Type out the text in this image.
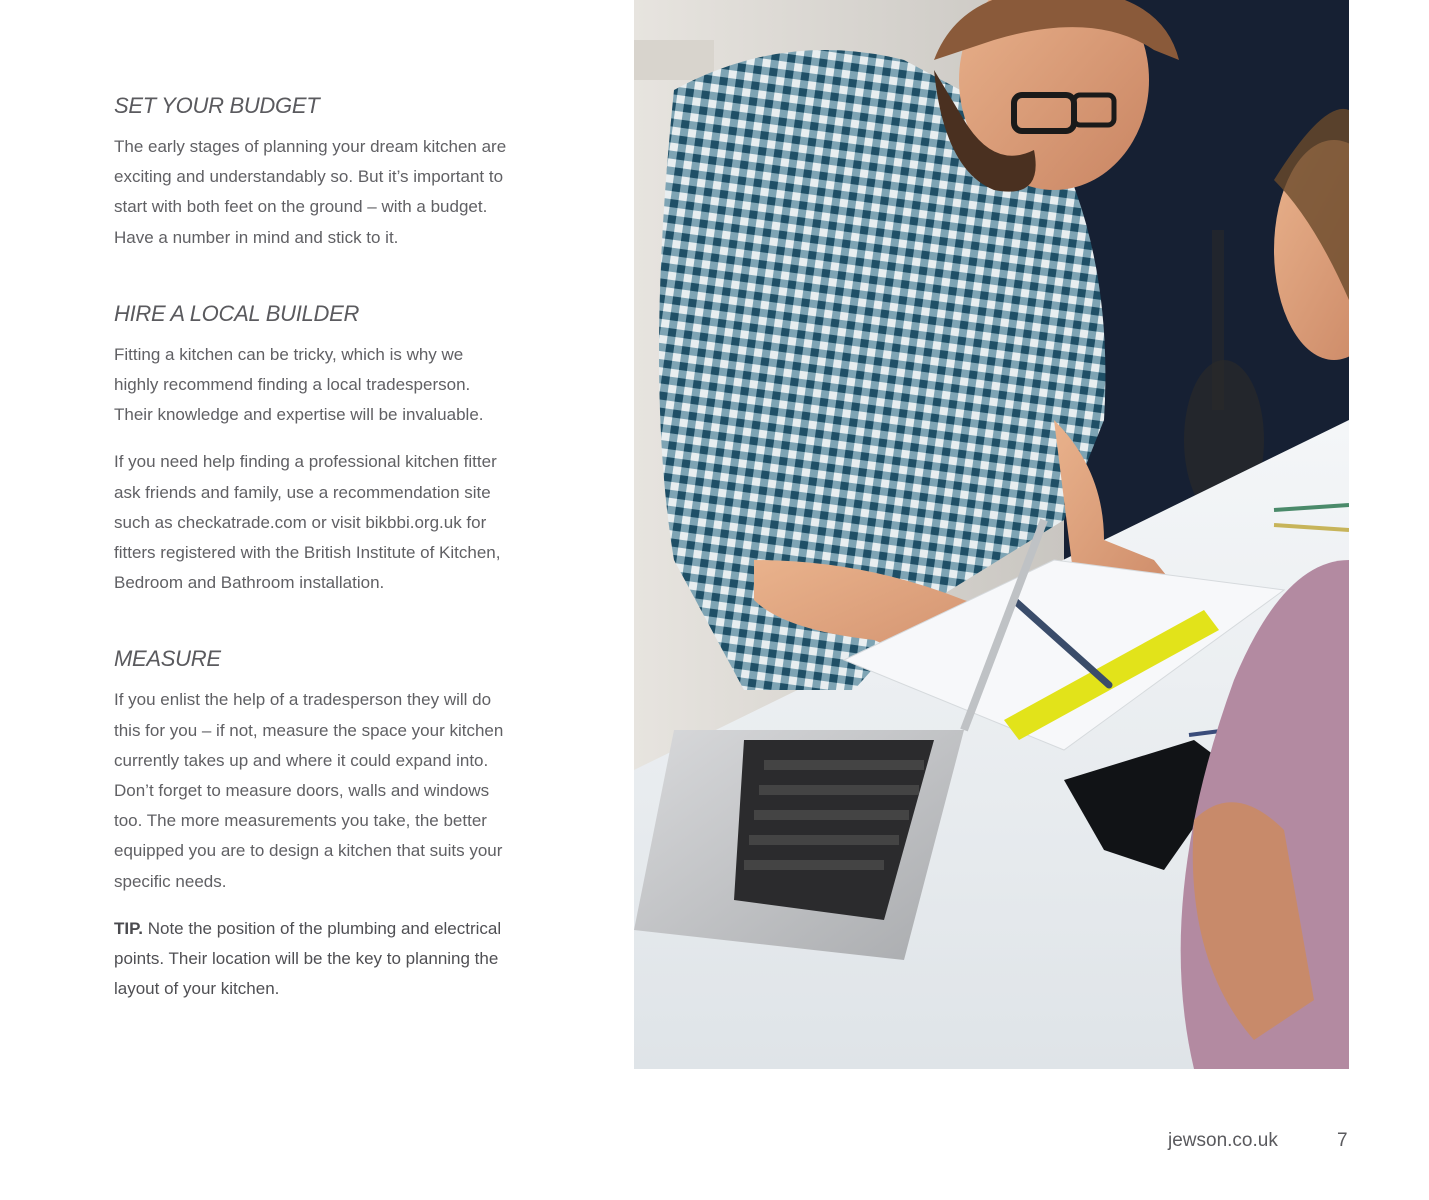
SET YOUR BUDGET

The early stages of planning your dream kitchen are exciting and understandably so. But it’s important to start with both feet on the ground – with a budget. Have a number in mind and stick to it.

HIRE A LOCAL BUILDER

Fitting a kitchen can be tricky, which is why we highly recommend finding a local tradesperson. Their knowledge and expertise will be invaluable.

If you need help finding a professional kitchen fitter ask friends and family, use a recommendation site such as checkatrade.com or visit bikbbi.org.uk for fitters registered with the British Institute of Kitchen, Bedroom and Bathroom installation.

MEASURE

If you enlist the help of a tradesperson they will do this for you – if not, measure the space your kitchen currently takes up and where it could expand into. Don’t forget to measure doors, walls and windows too. The more measurements you take, the better equipped you are to design a kitchen that suits your specific needs.

TIP. Note the position of the plumbing and electrical points. Their location will be the key to planning the layout of your kitchen.
jewson.co.uk	7
